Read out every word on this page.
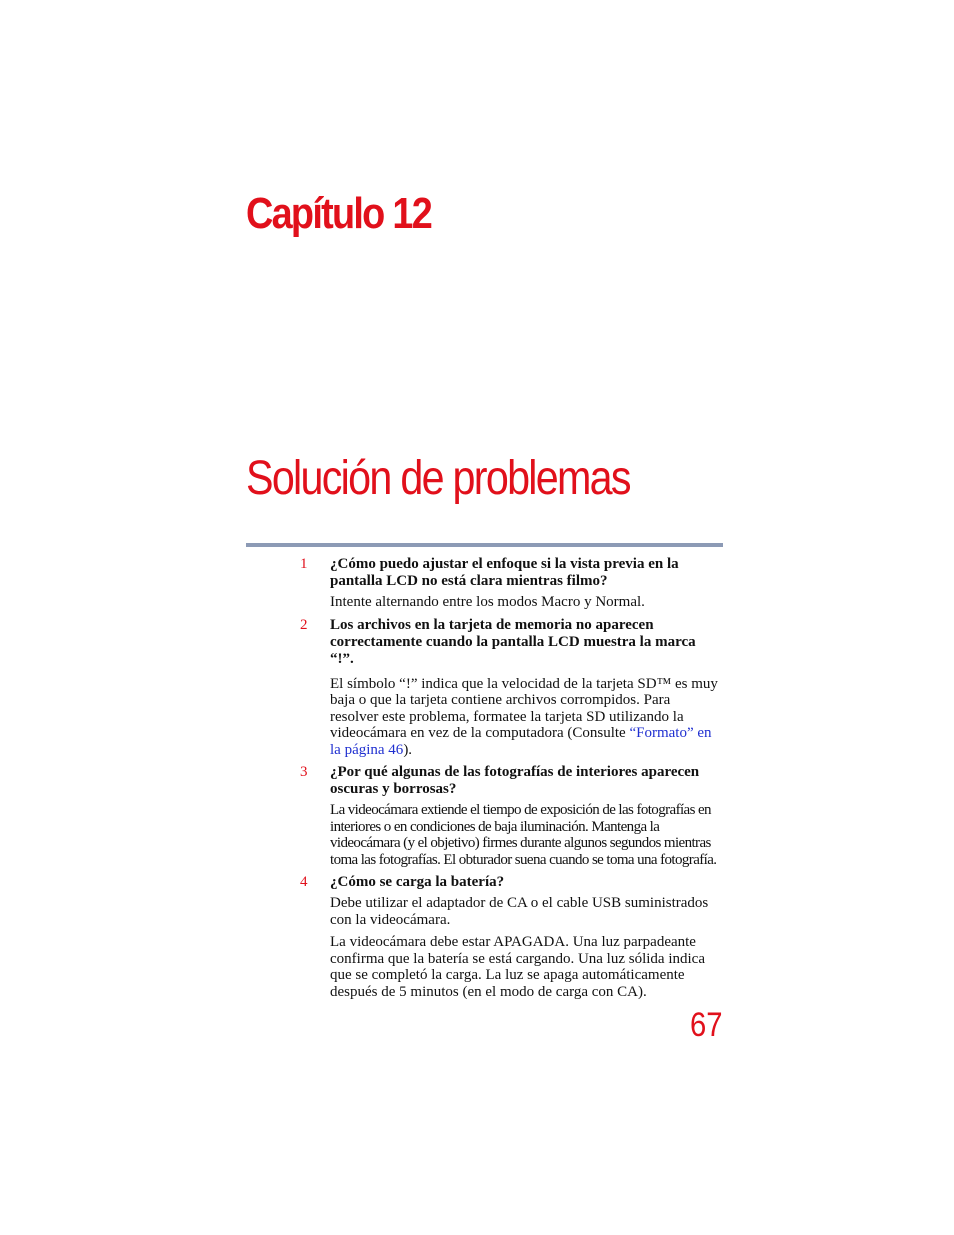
Capítulo 12
Solución de problemas
1 ¿Cómo puedo ajustar el enfoque si la vista previa en la pantalla LCD no está clara mientras filmo?

Intente alternando entre los modos Macro y Normal.

2 Los archivos en la tarjeta de memoria no aparecen correctamente cuando la pantalla LCD muestra la marca “!”.

El símbolo “!” indica que la velocidad de la tarjeta SD™ es muy baja o que la tarjeta contiene archivos corrompidos. Para resolver este problema, formatee la tarjeta SD utilizando la videocámara en vez de la computadora (Consulte “Formato” en la página 46).

3 ¿Por qué algunas de las fotografías de interiores aparecen oscuras y borrosas?

La videocámara extiende el tiempo de exposición de las fotografías en interiores o en condiciones de baja iluminación. Mantenga la videocámara (y el objetivo) firmes durante algunos segundos mientras toma las fotografías. El obturador suena cuando se toma una fotografía.

4 ¿Cómo se carga la batería?

Debe utilizar el adaptador de CA o el cable USB suministrados con la videocámara.

La videocámara debe estar APAGADA. Una luz parpadeante confirma que la batería se está cargando. Una luz sólida indica que se completó la carga. La luz se apaga automáticamente después de 5 minutos (en el modo de carga con CA).

67
